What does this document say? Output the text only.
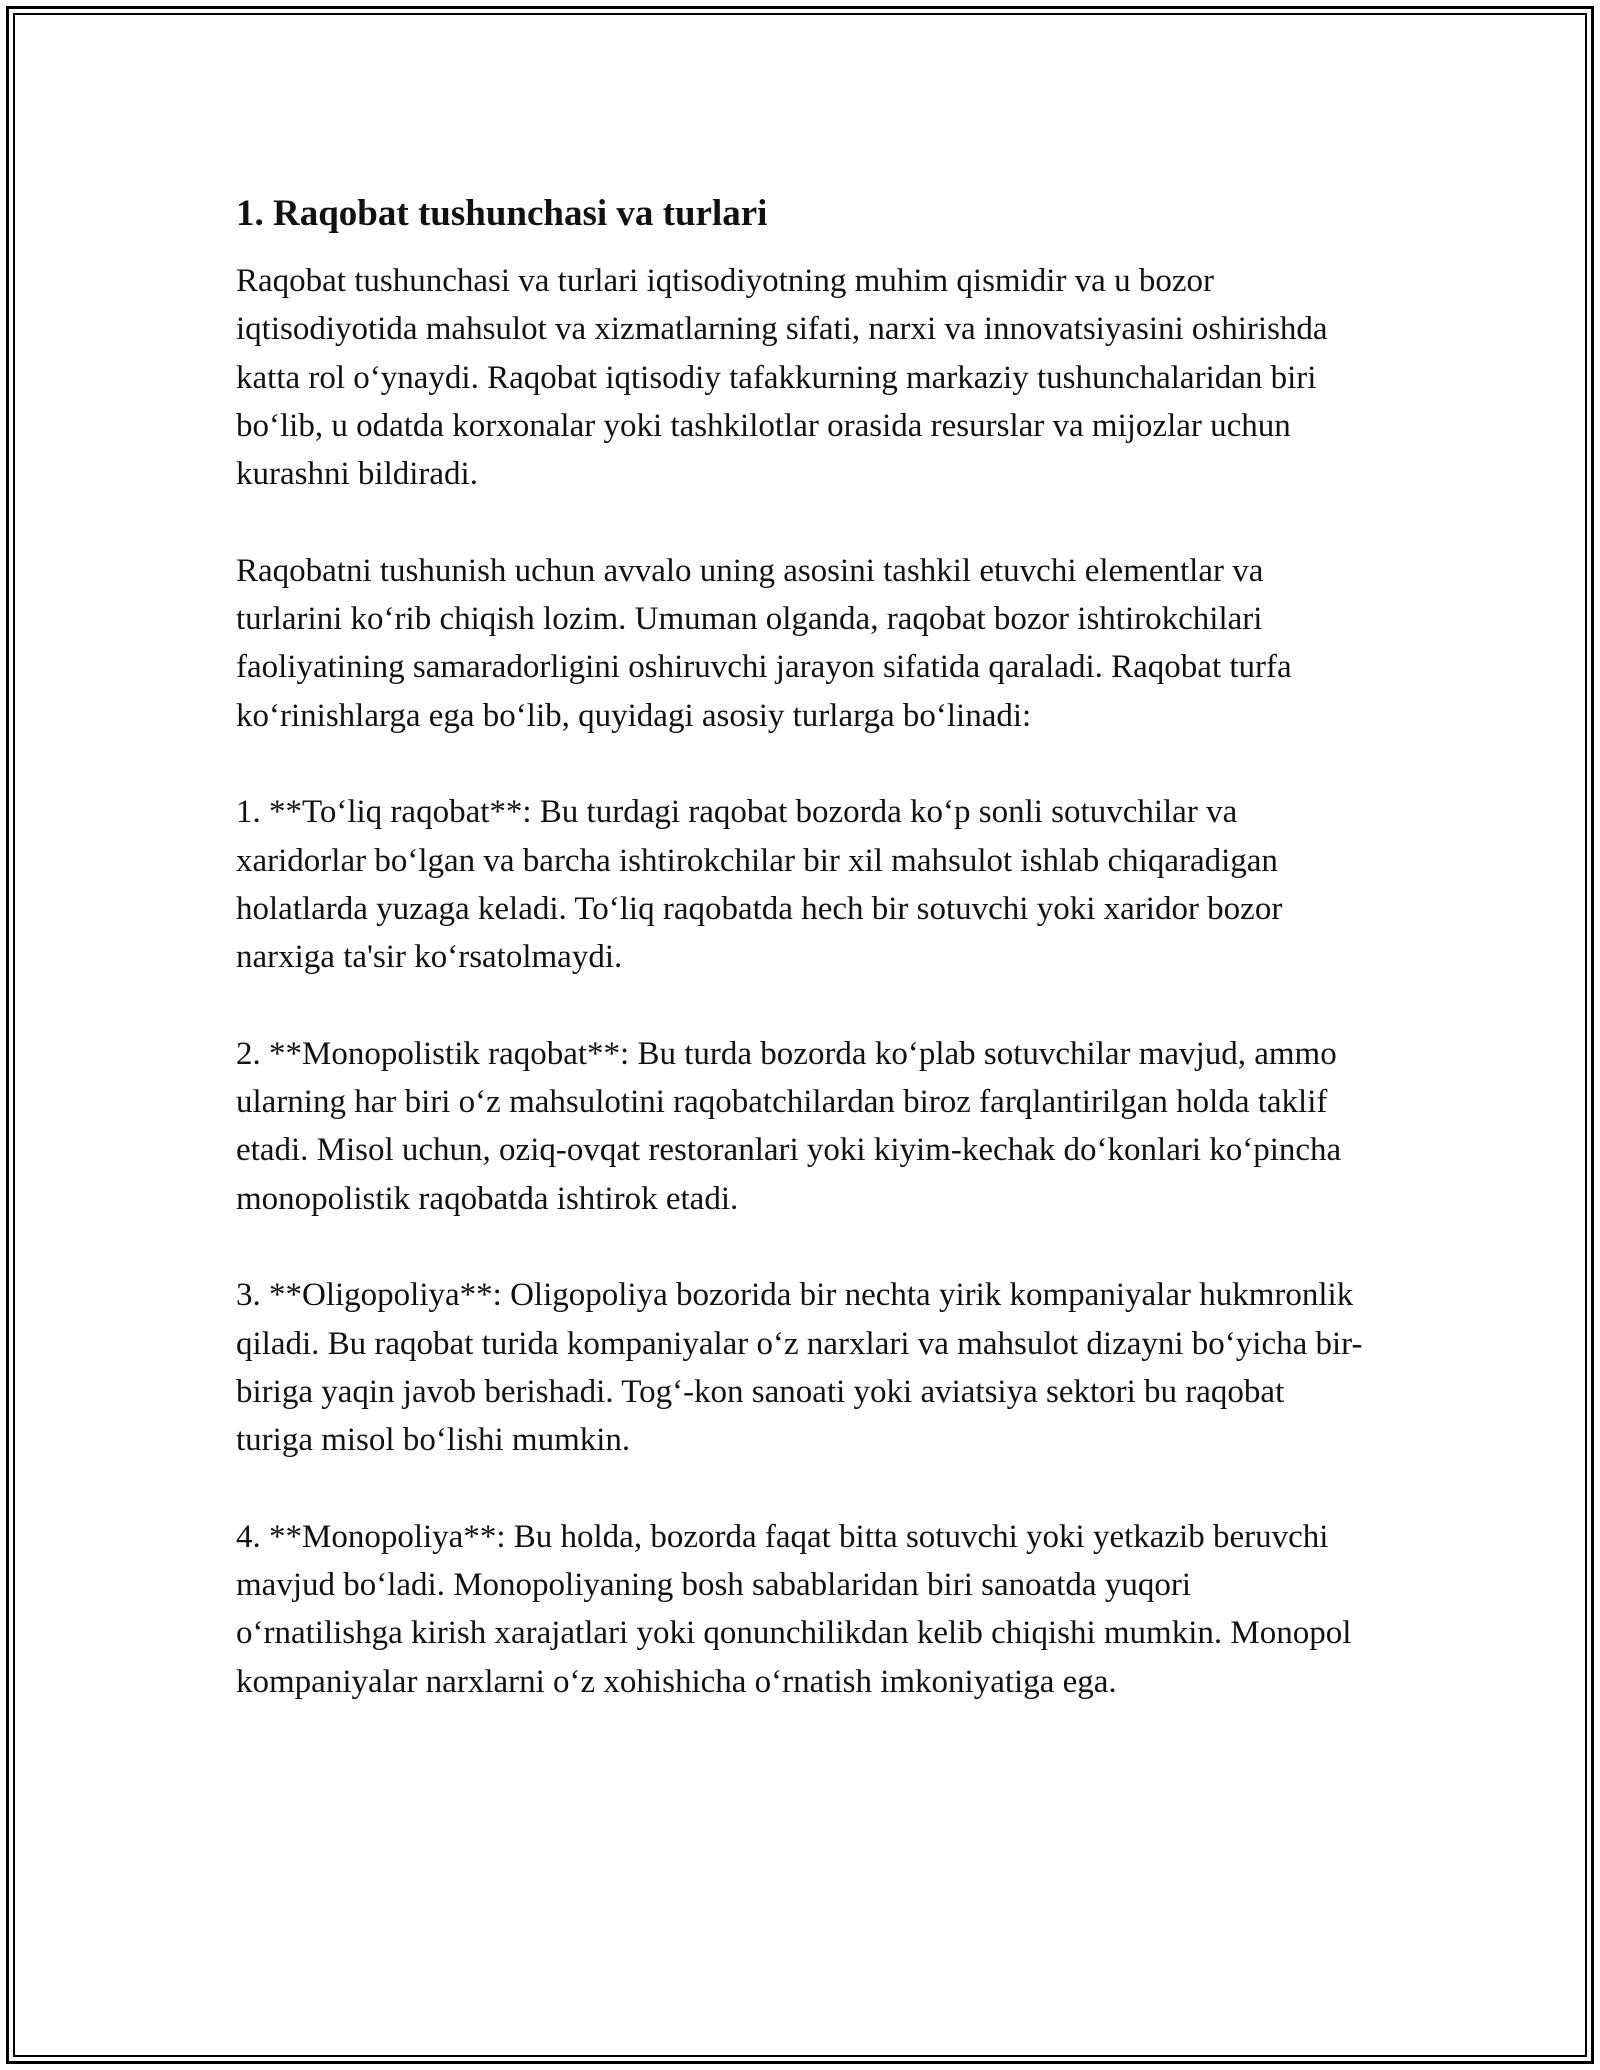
1. Raqobat tushunchasi va turlari

Raqobat tushunchasi va turlari iqtisodiyotning muhim qismidir va u bozor iqtisodiyotida mahsulot va xizmatlarning sifati, narxi va innovatsiyasini oshirishda katta rol o‘ynaydi. Raqobat iqtisodiy tafakkurning markaziy tushunchalaridan biri bo‘lib, u odatda korxonalar yoki tashkilotlar orasida resurslar va mijozlar uchun kurashni bildiradi.

Raqobatni tushunish uchun avvalo uning asosini tashkil etuvchi elementlar va turlarini ko‘rib chiqish lozim. Umuman olganda, raqobat bozor ishtirokchilari faoliyatining samaradorligini oshiruvchi jarayon sifatida qaraladi. Raqobat turfa ko‘rinishlarga ega bo‘lib, quyidagi asosiy turlarga bo‘linadi:

1. **To‘liq raqobat**: Bu turdagi raqobat bozorda ko‘p sonli sotuvchilar va xaridorlar bo‘lgan va barcha ishtirokchilar bir xil mahsulot ishlab chiqaradigan holatlarda yuzaga keladi. To‘liq raqobatda hech bir sotuvchi yoki xaridor bozor narxiga ta'sir ko‘rsatolmaydi.

2. **Monopolistik raqobat**: Bu turda bozorda ko‘plab sotuvchilar mavjud, ammo ularning har biri o‘z mahsulotini raqobatchilardan biroz farqlantirilgan holda taklif etadi. Misol uchun, oziq-ovqat restoranlari yoki kiyim-kechak do‘konlari ko‘pincha monopolistik raqobatda ishtirok etadi.

3. **Oligopoliya**: Oligopoliya bozorida bir nechta yirik kompaniyalar hukmronlik qiladi. Bu raqobat turida kompaniyalar o‘z narxlari va mahsulot dizayni bo‘yicha bir-biriga yaqin javob berishadi. Tog‘-kon sanoati yoki aviatsiya sektori bu raqobat turiga misol bo‘lishi mumkin.

4. **Monopoliya**: Bu holda, bozorda faqat bitta sotuvchi yoki yetkazib beruvchi mavjud bo‘ladi. Monopoliyaning bosh sabablaridan biri sanoatda yuqori o‘rnatilishga kirish xarajatlari yoki qonunchilikdan kelib chiqishi mumkin. Monopol kompaniyalar narxlarni o‘z xohishicha o‘rnatish imkoniyatiga ega.
